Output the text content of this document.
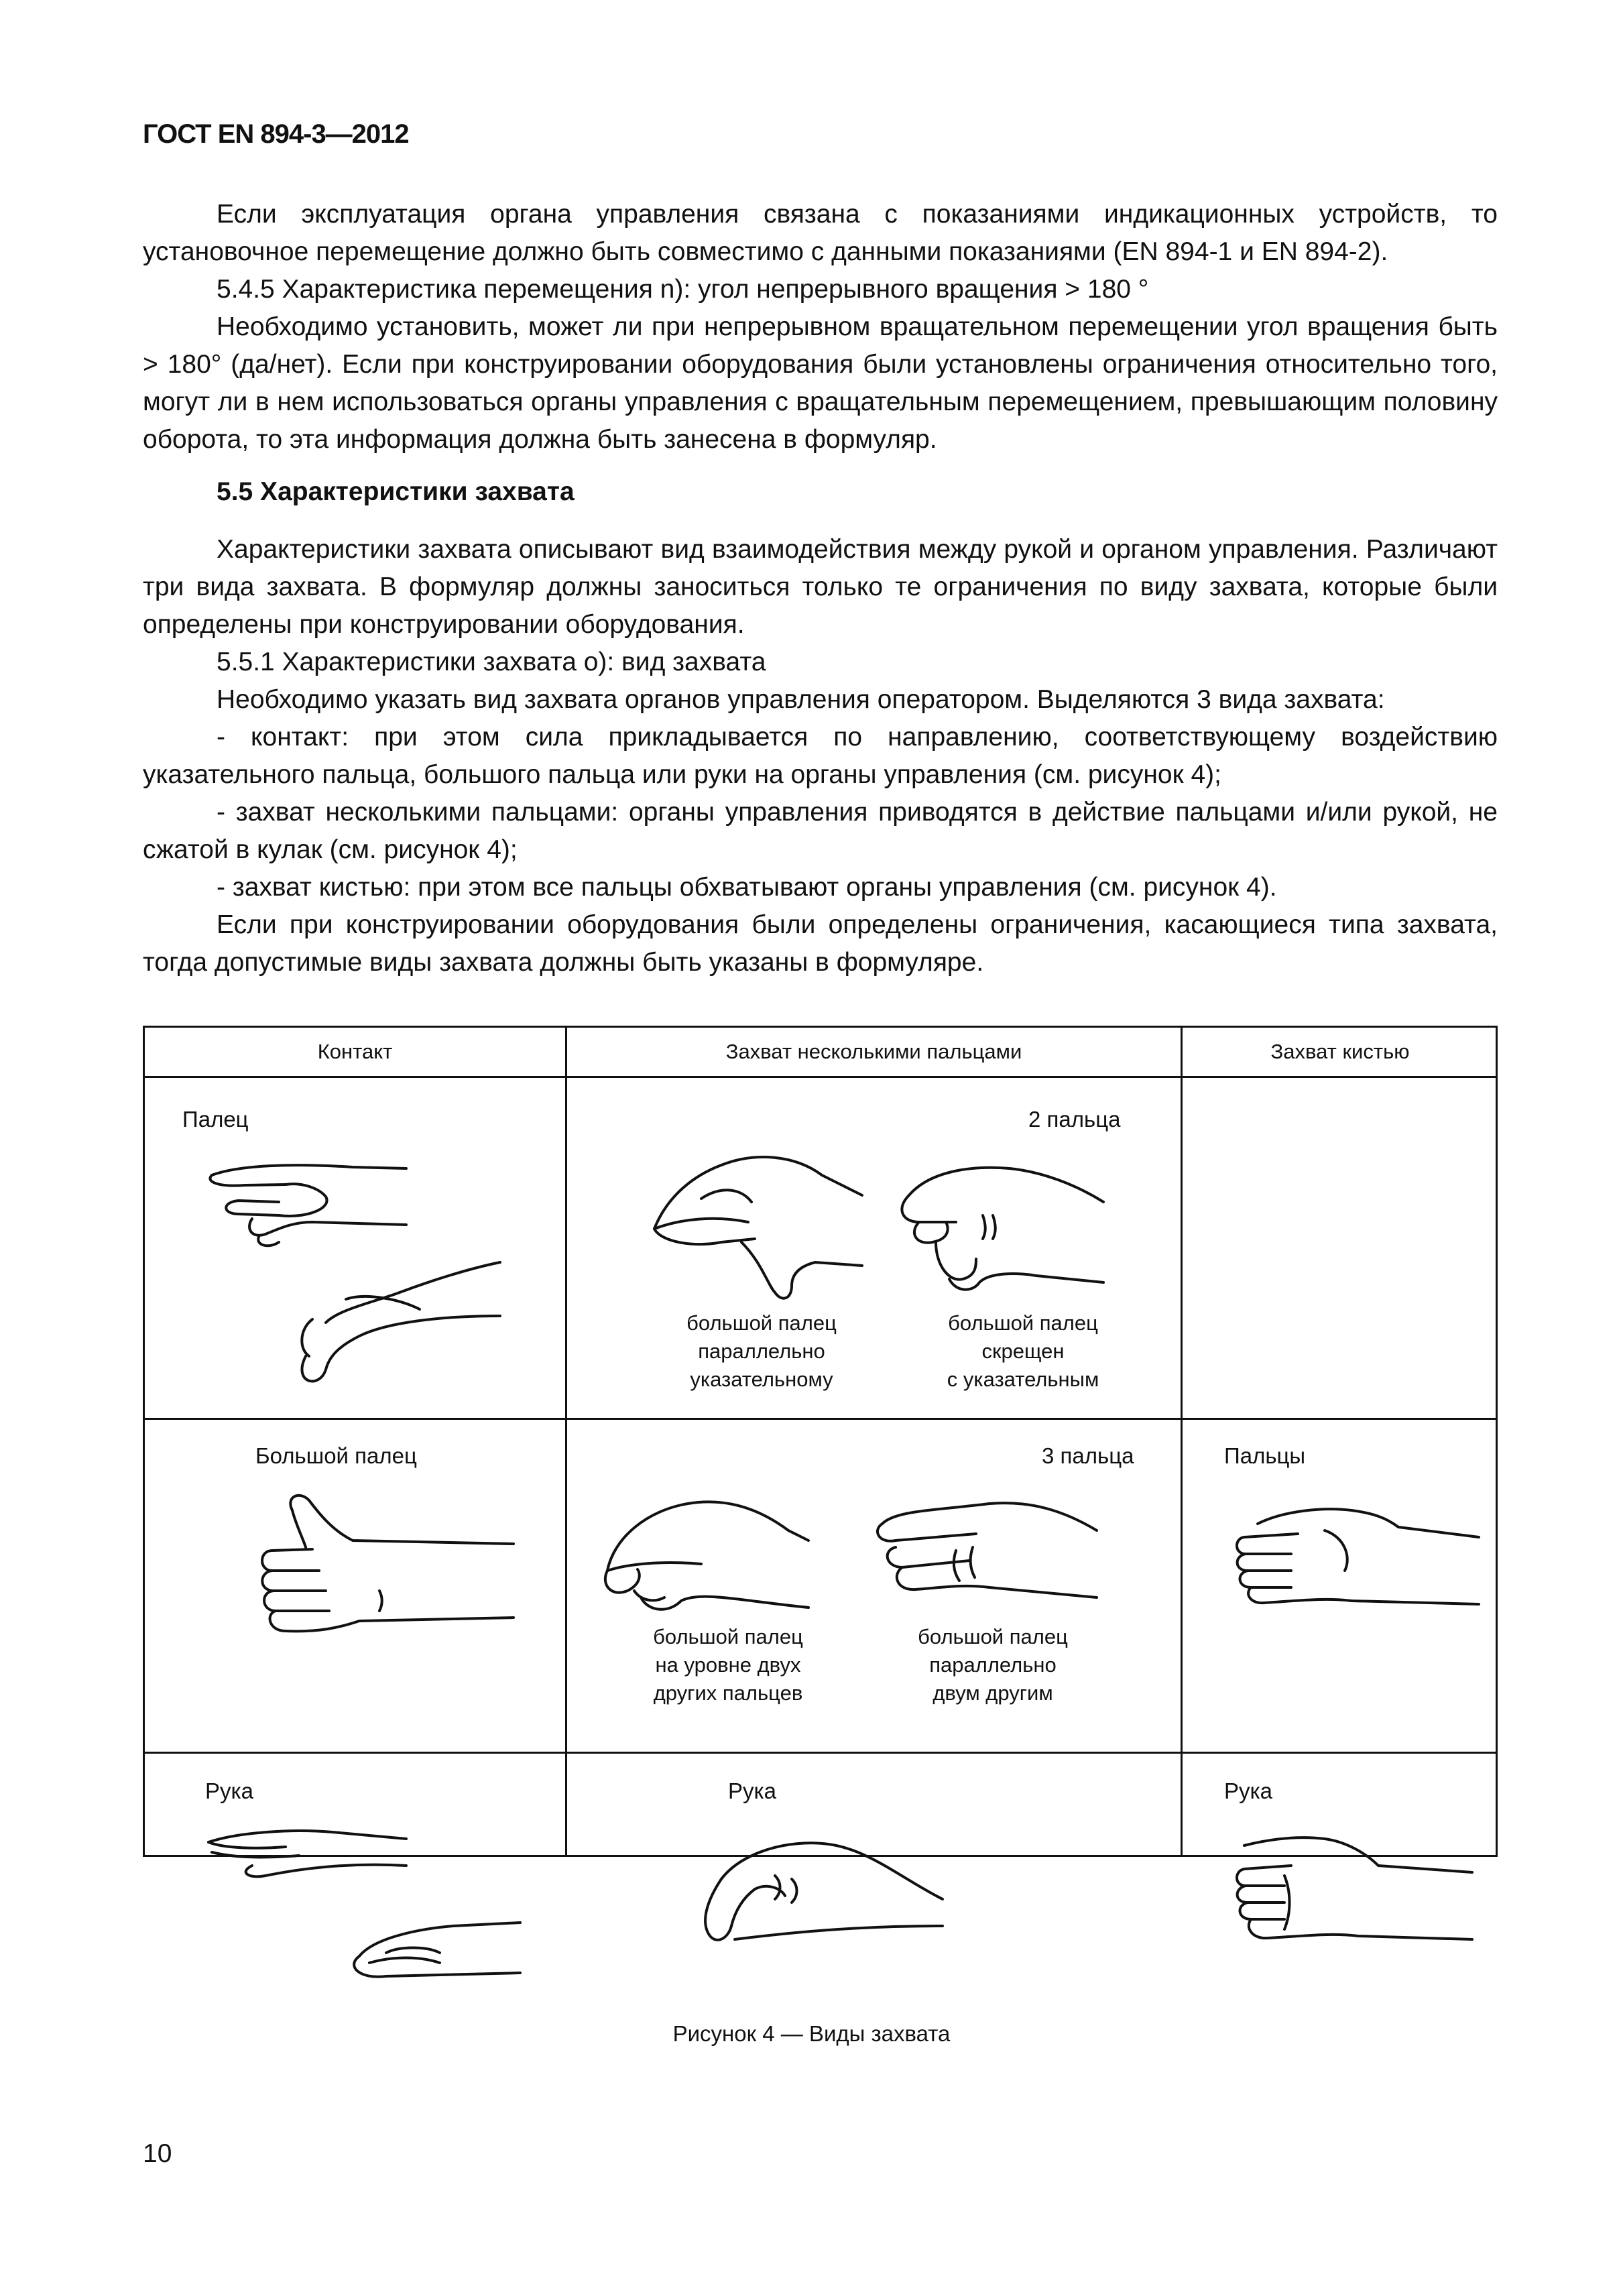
ГОСТ EN 894-3—2012

Если эксплуатация органа управления связана с показаниями индикационных устройств, то установочное перемещение должно быть совместимо с данными показаниями (EN 894-1 и EN 894-2).

5.4.5 Характеристика перемещения n): угол непрерывного вращения > 180 °

Необходимо установить, может ли при непрерывном вращательном перемещении угол вращения быть > 180° (да/нет). Если при конструировании оборудования были установлены ограничения относительно того, могут ли в нем использоваться органы управления с вращательным перемещением, превышающим половину оборота, то эта информация должна быть занесена в формуляр.

5.5 Характеристики захвата

Характеристики захвата описывают вид взаимодействия между рукой и органом управления. Различают три вида захвата. В формуляр должны заноситься только те ограничения по виду захвата, которые были определены при конструировании оборудования.

5.5.1 Характеристики захвата о): вид захвата

Необходимо указать вид захвата органов управления оператором. Выделяются 3 вида захвата:

- контакт: при этом сила прикладывается по направлению, соответствующему воздействию указательного пальца, большого пальца или руки на органы управления (см. рисунок 4);

- захват несколькими пальцами: органы управления приводятся в действие пальцами и/или рукой, не сжатой в кулак (см. рисунок 4);

- захват кистью: при этом все пальцы обхватывают органы управления (см. рисунок 4).

Если при конструировании оборудования были определены ограничения, касающиеся типа захвата, тогда допустимые виды захвата должны быть указаны в формуляре.

Контакт	Захват несколькими пальцами	Захват кистью
Палец	2 пальца
большой палец
параллельно
указательному
большой палец
скрещен
с указательным
Большой палец	3 пальца	Пальцы
большой палец
на уровне двух
других пальцев
большой палец
параллельно
двум другим
Рука	Рука	Рука
Рисунок 4 — Виды захвата
10
